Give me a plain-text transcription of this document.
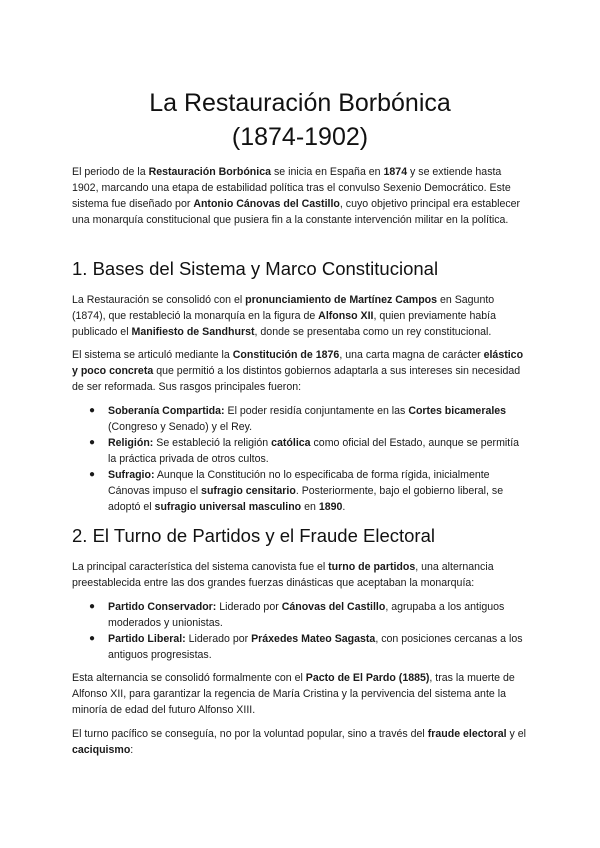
La Restauración Borbónica
(1874-1902)

El periodo de la Restauración Borbónica se inicia en España en 1874 y se extiende hasta 1902, marcando una etapa de estabilidad política tras el convulso Sexenio Democrático. Este sistema fue diseñado por Antonio Cánovas del Castillo, cuyo objetivo principal era establecer una monarquía constitucional que pusiera fin a la constante intervención militar en la política.

1. Bases del Sistema y Marco Constitucional

La Restauración se consolidó con el pronunciamiento de Martínez Campos en Sagunto (1874), que restableció la monarquía en la figura de Alfonso XII, quien previamente había publicado el Manifiesto de Sandhurst, donde se presentaba como un rey constitucional.

El sistema se articuló mediante la Constitución de 1876, una carta magna de carácter elástico y poco concreta que permitió a los distintos gobiernos adaptarla a sus intereses sin necesidad de ser reformada. Sus rasgos principales fueron:

● Soberanía Compartida: El poder residía conjuntamente en las Cortes bicamerales (Congreso y Senado) y el Rey.
● Religión: Se estableció la religión católica como oficial del Estado, aunque se permitía la práctica privada de otros cultos.
● Sufragio: Aunque la Constitución no lo especificaba de forma rígida, inicialmente Cánovas impuso el sufragio censitario. Posteriormente, bajo el gobierno liberal, se adoptó el sufragio universal masculino en 1890.
2. El Turno de Partidos y el Fraude Electoral

La principal característica del sistema canovista fue el turno de partidos, una alternancia preestablecida entre las dos grandes fuerzas dinásticas que aceptaban la monarquía:

● Partido Conservador: Liderado por Cánovas del Castillo, agrupaba a los antiguos moderados y unionistas.
● Partido Liberal: Liderado por Práxedes Mateo Sagasta, con posiciones cercanas a los antiguos progresistas.

Esta alternancia se consolidó formalmente con el Pacto de El Pardo (1885), tras la muerte de Alfonso XII, para garantizar la regencia de María Cristina y la pervivencia del sistema ante la minoría de edad del futuro Alfonso XIII.

El turno pacífico se conseguía, no por la voluntad popular, sino a través del fraude electoral y el caciquismo:
